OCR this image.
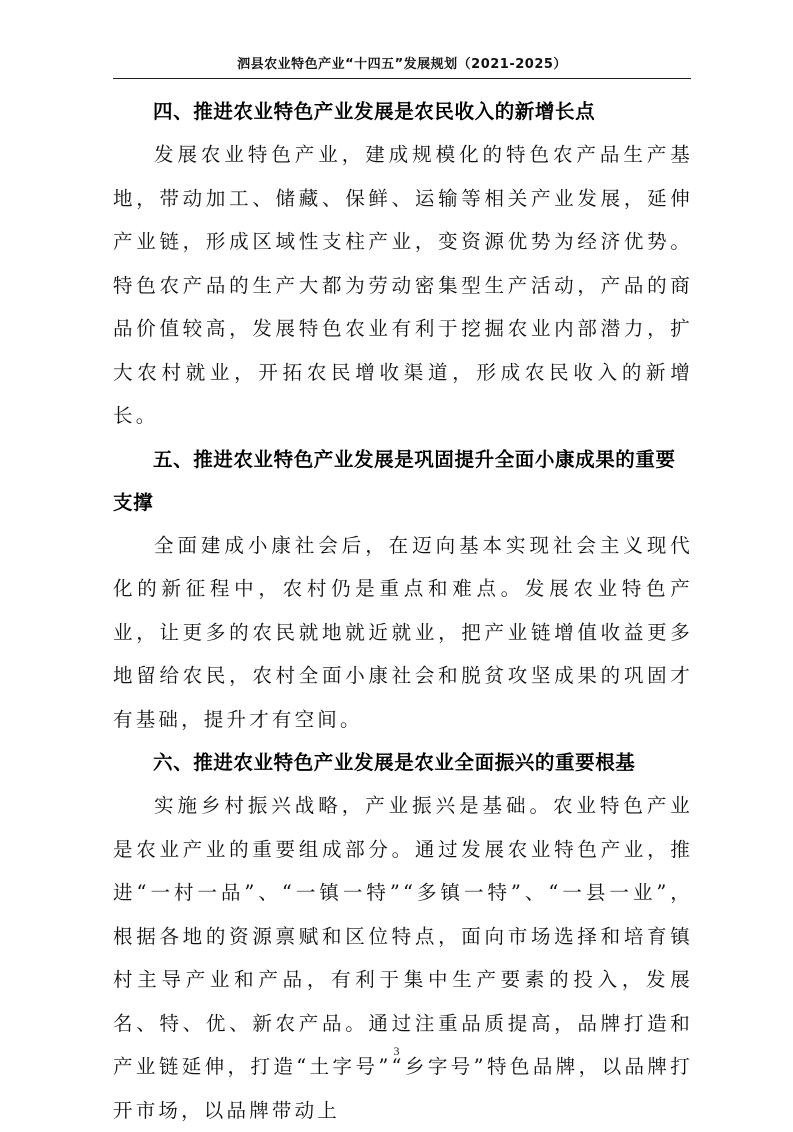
泗县农业特色产业“十四五”发展规划（2021-2025）
四、推进农业特色产业发展是农民收入的新增长点

发展农业特色产业，建成规模化的特色农产品生产基地，带动加工、储藏、保鲜、运输等相关产业发展，延伸产业链，形成区域性支柱产业，变资源优势为经济优势。特色农产品的生产大都为劳动密集型生产活动，产品的商品价值较高，发展特色农业有利于挖掘农业内部潜力，扩大农村就业，开拓农民增收渠道，形成农民收入的新增长。

五、推进农业特色产业发展是巩固提升全面小康成果的重要支撑

全面建成小康社会后，在迈向基本实现社会主义现代化的新征程中，农村仍是重点和难点。发展农业特色产业，让更多的农民就地就近就业，把产业链增值收益更多地留给农民，农村全面小康社会和脱贫攻坚成果的巩固才有基础，提升才有空间。

六、推进农业特色产业发展是农业全面振兴的重要根基

实施乡村振兴战略，产业振兴是基础。农业特色产业是农业产业的重要组成部分。通过发展农业特色产业，推进“一村一品”、“一镇一特”“多镇一特”、“一县一业”，根据各地的资源禀赋和区位特点，面向市场选择和培育镇村主导产业和产品，有利于集中生产要素的投入，发展名、特、优、新农产品。通过注重品质提高，品牌打造和产业链延伸，打造“土字号”“乡字号”特色品牌，以品牌打开市场，以品牌带动上

3
